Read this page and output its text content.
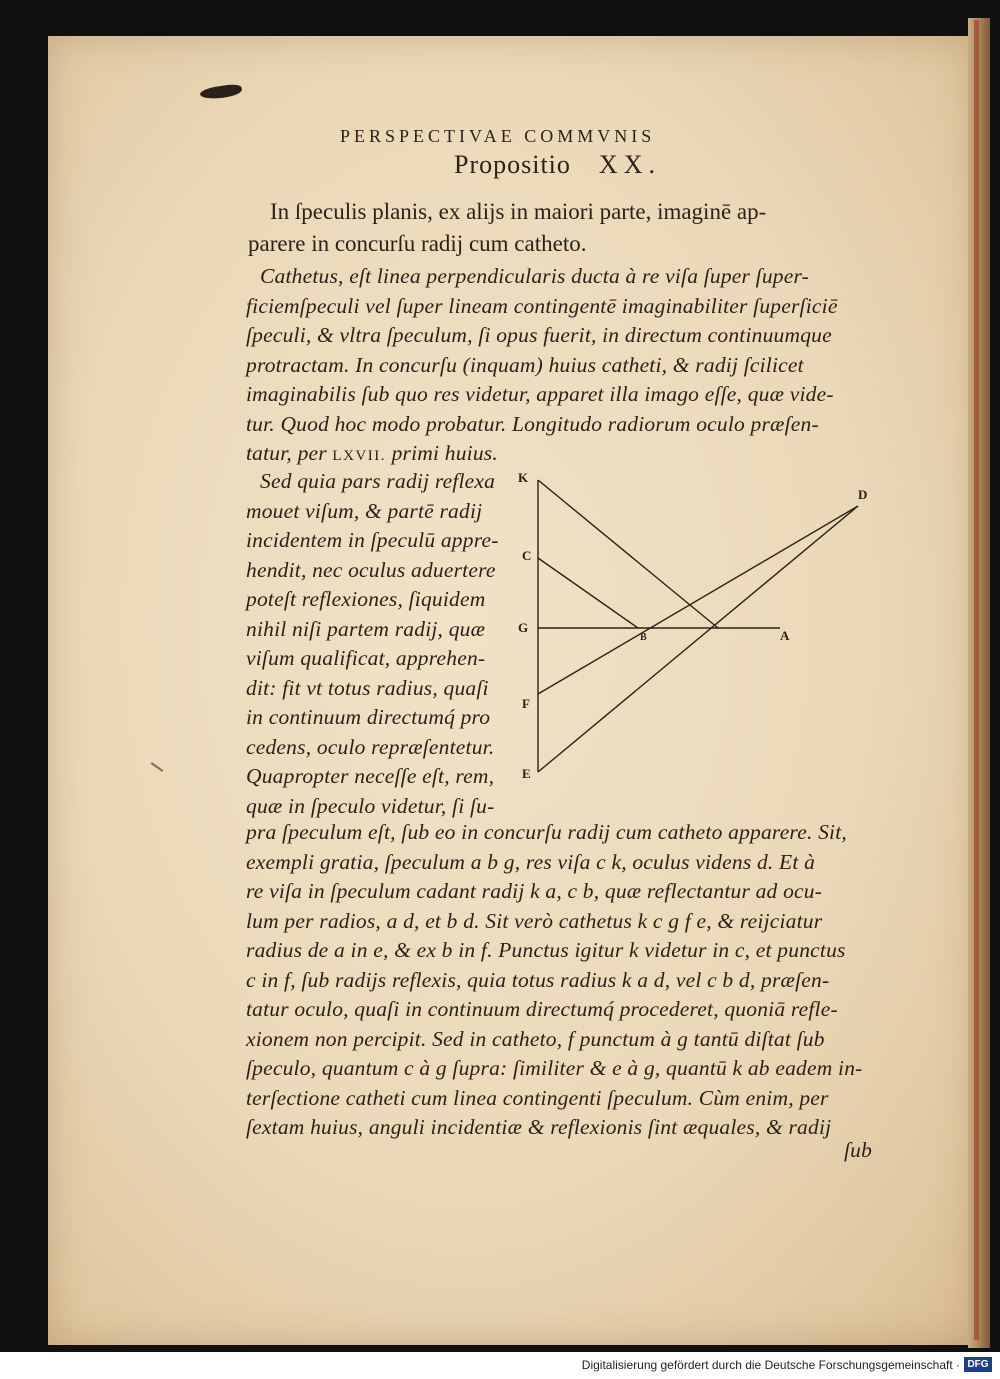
PERSPECTIVAE COMMVNIS
Propositio XX.
In ſpeculis planis, ex alijs in maiori parte, imaginē ap-
parere in concurſu radij cum catheto.
Cathetus, eſt linea perpendicularis ducta à re viſa ſuper ſuper-
ficiemſpeculi vel ſuper lineam contingentē imaginabiliter ſuperſiciē
ſpeculi, & vltra ſpeculum, ſi opus fuerit, in directum continuumque
protractam. In concurſu (inquam) huius catheti, & radij ſcilicet
imaginabilis ſub quo res videtur, apparet illa imago eſſe, quæ vide-
tur. Quod hoc modo probatur. Longitudo radiorum oculo præſen-
tatur, per LXVII. primi huius.
Sed quia pars radij reflexa
mouet viſum, & partē radij
incidentem in ſpeculū appre-
hendit, nec oculus aduertere
poteſt reflexiones, ſiquidem
nihil niſi partem radij, quæ
viſum qualificat, apprehen-
dit: fit vt totus radius, quaſi
in continuum directumq́ pro
cedens, oculo repræſentetur.
Quapropter neceſſe eſt, rem,
quæ in ſpeculo videtur, ſi ſu-
K
C
G
F
E
B	A
D
pra ſpeculum eſt, ſub eo in concurſu radij cum catheto apparere. Sit,
exempli gratia, ſpeculum a b g, res viſa c k, oculus videns d. Et à
re viſa in ſpeculum cadant radij k a, c b, quæ reflectantur ad ocu-
lum per radios, a d, et b d. Sit verò cathetus k c g f e, & reijciatur
radius de a in e, & ex b in f. Punctus igitur k videtur in c, et punctus
c in f, ſub radijs reflexis, quia totus radius k a d, vel c b d, præſen-
tatur oculo, quaſi in continuum directumq́ procederet, quoniā refle-
xionem non percipit. Sed in catheto, f punctum à g tantū diſtat ſub
ſpeculo, quantum c à g ſupra: ſimiliter & e à g, quantū k ab eadem in-
terſectione catheti cum linea contingenti ſpeculum. Cùm enim, per
ſextam huius, anguli incidentiæ & reflexionis ſint æquales, & radij
ſub
Digitalisierung gefördert durch die Deutsche Forschungsgemeinschaft · DFG
